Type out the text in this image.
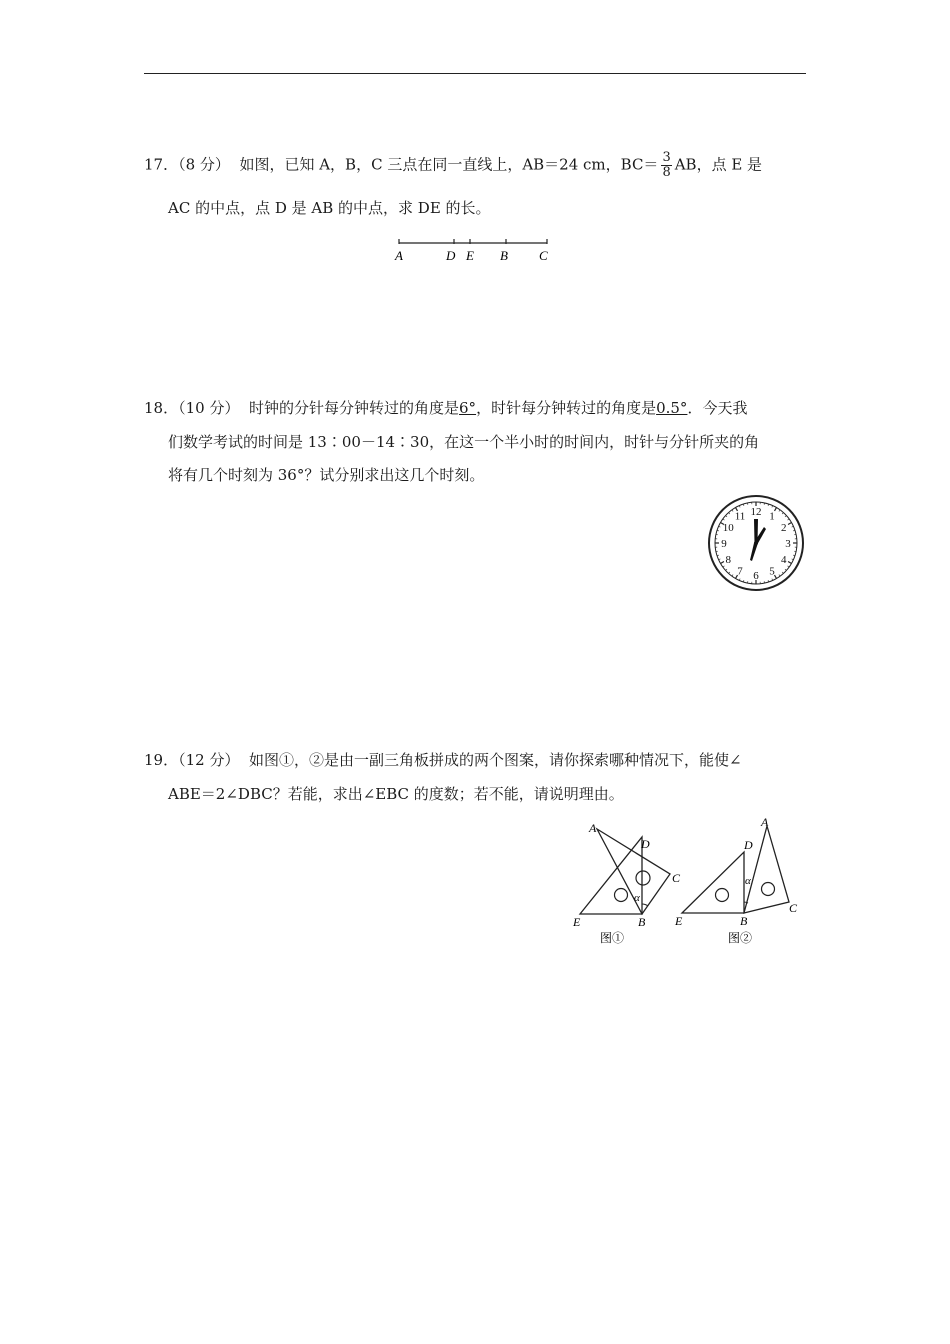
17．（8 分） 如图，已知 A，B，C 三点在同一直线上，AB＝24 cm，$BC= \frac{3}{8}$ AB，点 E 是
AC 的中点，点 D 是 AB 的中点，求 DE 的长。
A	D E B C
18．（10 分） 时钟的分针每分钟转过的角度是6°，时针每分钟转过的角度是0.5°．今天我
们数学考试的时间是 13∶00－14∶30，在这一个半小时的时间内，时针与分针所夹的角
将有几个时刻为 36°？试分别求出这几个时刻。
12 1
2
3
4
5
6
7
8
9
10
11
19．（12 分） 如图①，②是由一副三角板拼成的两个图案，请你探索哪种情况下，能使∠
ABE＝2∠DBC？若能，求出∠EBC 的度数；若不能，请说明理由。
α
A
D
C
E	B
图①
α
A
D
C
E	B
图②
